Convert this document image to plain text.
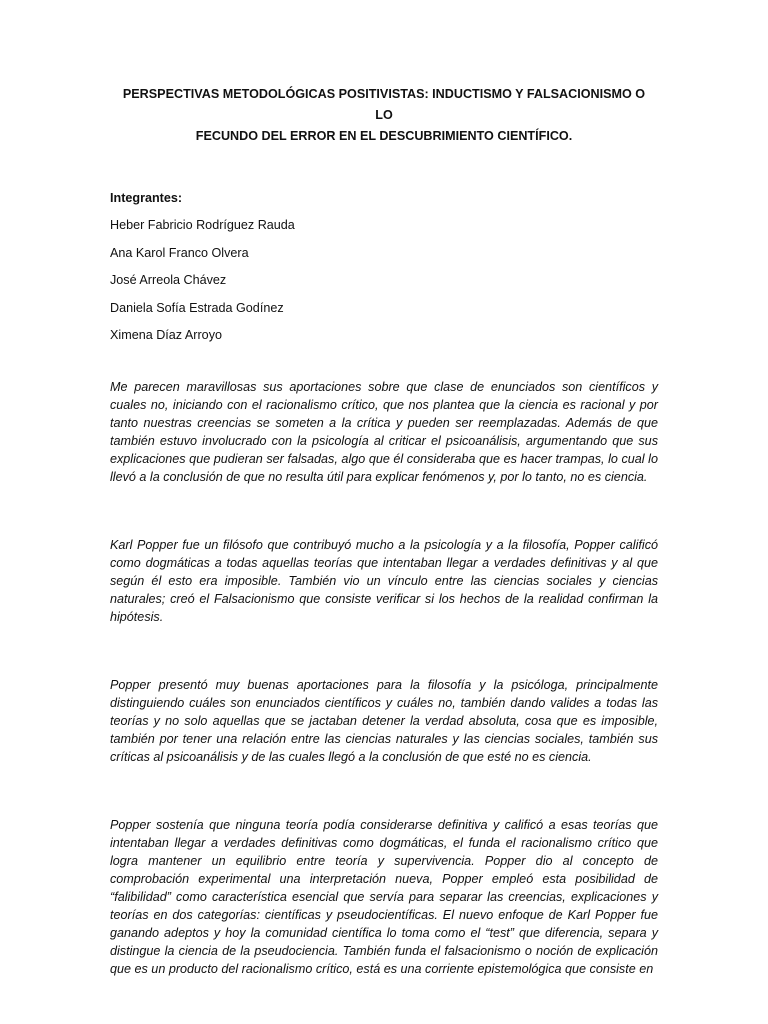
PERSPECTIVAS METODOLÓGICAS POSITIVISTAS: INDUCTISMO Y FALSACIONISMO O LO
FECUNDO DEL ERROR EN EL DESCUBRIMIENTO CIENTÍFICO.
Integrantes:
Heber Fabricio Rodríguez Rauda
Ana Karol Franco Olvera
José Arreola Chávez
Daniela Sofía Estrada Godínez
Ximena Díaz Arroyo

Me parecen maravillosas sus aportaciones sobre que clase de enunciados son científicos y cuales no, iniciando con el racionalismo crítico, que nos plantea que la ciencia es racional y por tanto nuestras creencias se someten a la crítica y pueden ser reemplazadas. Además de que también estuvo involucrado con la psicología al criticar el psicoanálisis, argumentando que sus explicaciones que pudieran ser falsadas, algo que él consideraba que es hacer trampas, lo cual lo llevó a la conclusión de que no resulta útil para explicar fenómenos y, por lo tanto, no es ciencia.

Karl Popper fue un filósofo que contribuyó mucho a la psicología y a la filosofía, Popper calificó como dogmáticas a todas aquellas teorías que intentaban llegar a verdades definitivas y al que según él esto era imposible. También vio un vínculo entre las ciencias sociales y ciencias naturales; creó el Falsacionismo que consiste verificar si los hechos de la realidad confirman la hipótesis.

Popper presentó muy buenas aportaciones para la filosofía y la psicóloga, principalmente distinguiendo cuáles son enunciados científicos y cuáles no, también dando valides a todas las teorías y no solo aquellas que se jactaban detener la verdad absoluta, cosa que es imposible, también por tener una relación entre las ciencias naturales y las ciencias sociales, también sus críticas al psicoanálisis y de las cuales llegó a la conclusión de que esté no es ciencia.

Popper sostenía que ninguna teoría podía considerarse definitiva y calificó a esas teorías que intentaban llegar a verdades definitivas como dogmáticas, el funda el racionalismo crítico que logra mantener un equilibrio entre teoría y supervivencia. Popper dio al concepto de comprobación experimental una interpretación nueva, Popper empleó esta posibilidad de “falibilidad” como característica esencial que servía para separar las creencias, explicaciones y teorías en dos categorías: científicas y pseudocientíficas. El nuevo enfoque de Karl Popper fue ganando adeptos y hoy la comunidad científica lo toma como el “test” que diferencia, separa y distingue la ciencia de la pseudociencia. También funda el falsacionismo o noción de explicación que es un producto del racionalismo crítico, está es una corriente epistemológica que consiste en
